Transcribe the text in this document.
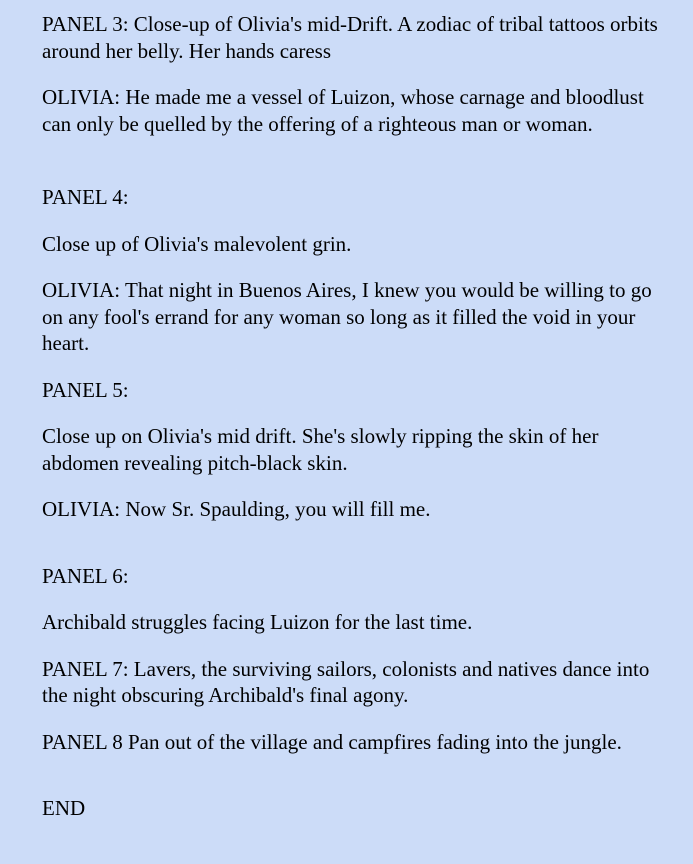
PANEL 3: Close-up of Olivia's mid-Drift. A zodiac of tribal tattoos orbits around her belly. Her hands caress

OLIVIA: He made me a vessel of Luizon, whose carnage and bloodlust can only be quelled by the offering of a righteous man or woman.

PANEL 4:

Close up of Olivia's malevolent grin.

OLIVIA: That night in Buenos Aires, I knew you would be willing to go on any fool's errand for any woman so long as it filled the void in your heart.

PANEL 5:

Close up on Olivia's mid drift. She's slowly ripping the skin of her abdomen revealing pitch-black skin.

OLIVIA: Now Sr. Spaulding, you will fill me.

PANEL 6:

Archibald struggles facing Luizon for the last time.

PANEL 7: Lavers, the surviving sailors, colonists and natives dance into the night obscuring Archibald's final agony.

PANEL 8 Pan out of the village and campfires fading into the jungle.

END
